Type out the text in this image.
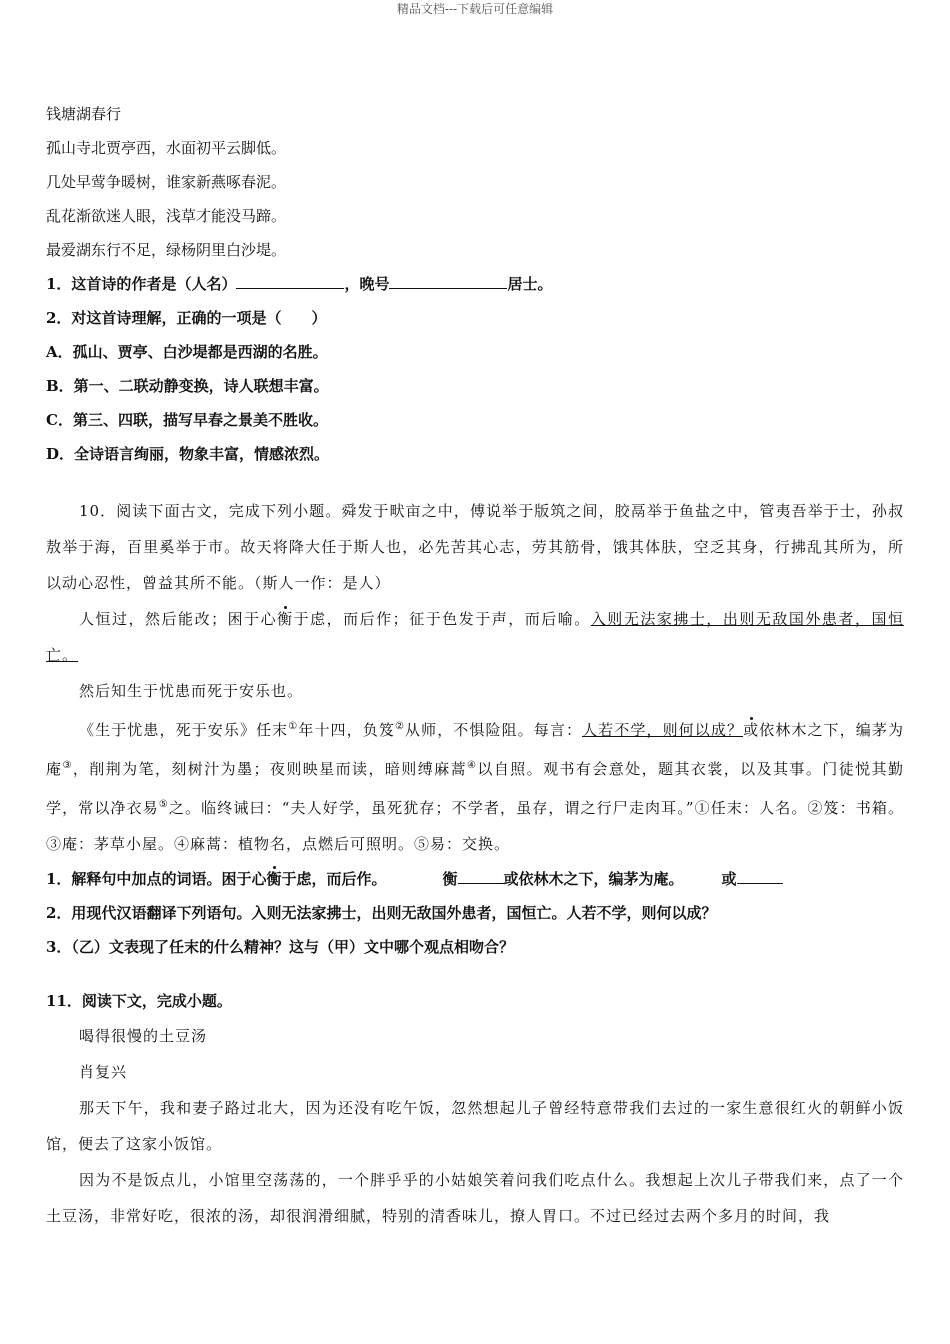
精品文档---下载后可任意编辑
钱塘湖春行
孤山寺北贾亭西，水面初平云脚低。
几处早莺争暖树，谁家新燕啄春泥。
乱花渐欲迷人眼，浅草才能没马蹄。
最爱湖东行不足，绿杨阴里白沙堤。
1．这首诗的作者是（人名）	，晚号	居士。
2．对这首诗理解，正确的一项是（　　）
A．孤山、贾亭、白沙堤都是西湖的名胜。
B．第一、二联动静变换，诗人联想丰富。
C．第三、四联，描写早春之景美不胜收。
D．全诗语言绚丽，物象丰富，情感浓烈。
10．阅读下面古文，完成下列小题。舜发于畎亩之中，傅说举于版筑之间，胶鬲举于鱼盐之中，管夷吾举于士，孙叔敖举于海，百里奚举于市。故天将降大任于斯人也，必先苦其心志，劳其筋骨，饿其体肤，空乏其身，行拂乱其所为，所以动心忍性，曾益其所不能。（斯人一作：是人）
人恒过，然后能改；困于心衡于虑，而后作；征于色发于声，而后喻。入则无法家拂士，出则无敌国外患者，国恒亡。
然后知生于忧患而死于安乐也。
《生于忧患，死于安乐》任末①年十四，负笈②从师，不惧险阻。每言：人若不学，则何以成？或依林木之下，编茅为庵③，削荆为笔，刻树汁为墨；夜则映星而读，暗则缚麻蒿④以自照。观书有会意处，题其衣裳，以及其事。门徒悦其勤学，常以净衣易⑤之。临终诫曰：“夫人好学，虽死犹存；不学者，虽存，谓之行尸走肉耳。”①任末：人名。②笈：书箱。③庵：茅草小屋。④麻蒿：植物名，点燃后可照明。⑤易：交换。
1．解释句中加点的词语。困于心衡于虑，而后作。	衡	或依林木之下，编茅为庵。	或
2．用现代汉语翻译下列语句。入则无法家拂士，出则无敌国外患者，国恒亡。人若不学，则何以成？
3．（乙）文表现了任末的什么精神？这与（甲）文中哪个观点相吻合？
11．阅读下文，完成小题。
喝得很慢的土豆汤
肖复兴
那天下午，我和妻子路过北大，因为还没有吃午饭，忽然想起儿子曾经特意带我们去过的一家生意很红火的朝鲜小饭馆，便去了这家小饭馆。
因为不是饭点儿，小馆里空荡荡的，一个胖乎乎的小姑娘笑着问我们吃点什么。我想起上次儿子带我们来，点了一个土豆汤，非常好吃，很浓的汤，却很润滑细腻，特别的清香味儿，撩人胃口。不过已经过去两个多月的时间，我
